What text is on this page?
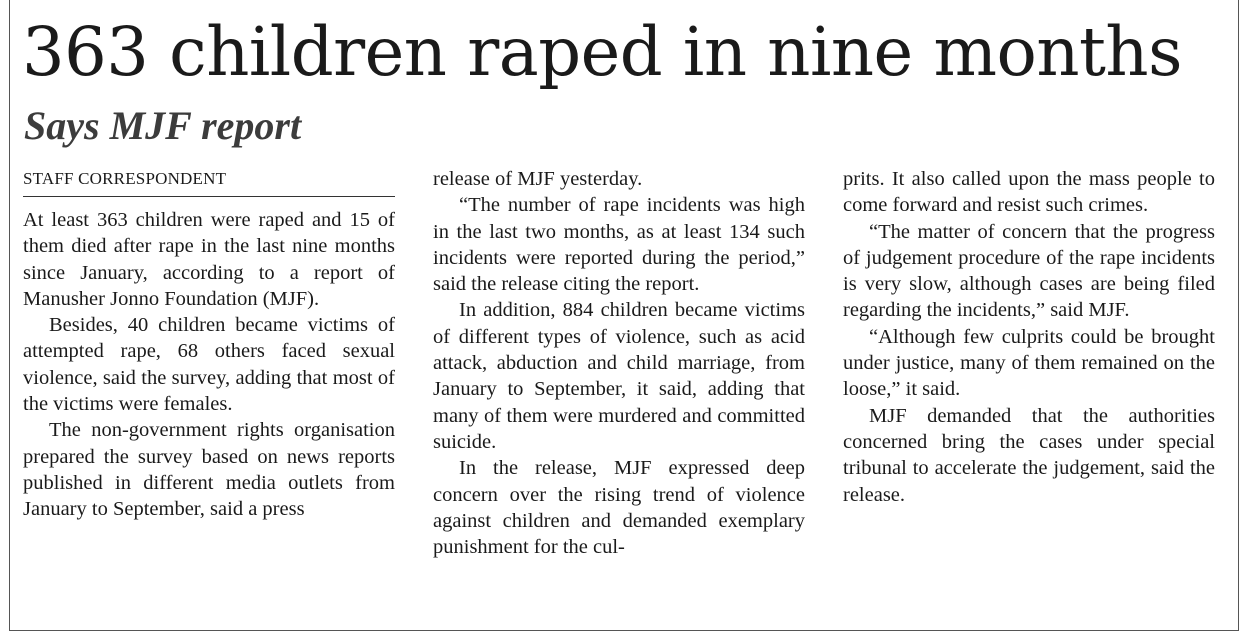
363 children raped in nine months
Says MJF report
STAFF CORRESPONDENT

At least 363 children were raped and 15 of them died after rape in the last nine months since January, according to a report of Manusher Jonno Foundation (MJF).

Besides, 40 children became victims of attempted rape, 68 others faced sexual violence, said the survey, adding that most of the victims were females.

The non-government rights organisation prepared the survey based on news reports published in different media outlets from January to September, said a press

release of MJF yesterday.

“The number of rape incidents was high in the last two months, as at least 134 such incidents were reported during the period,” said the release citing the report.

In addition, 884 children became victims of different types of violence, such as acid attack, abduction and child marriage, from January to September, it said, adding that many of them were murdered and committed suicide.

In the release, MJF expressed deep concern over the rising trend of violence against children and demanded exemplary punishment for the cul-

prits. It also called upon the mass people to come forward and resist such crimes.

“The matter of concern that the progress of judgement procedure of the rape incidents is very slow, although cases are being filed regarding the incidents,” said MJF.

“Although few culprits could be brought under justice, many of them remained on the loose,” it said.

MJF demanded that the authorities concerned bring the cases under special tribunal to accelerate the judgement, said the release.
